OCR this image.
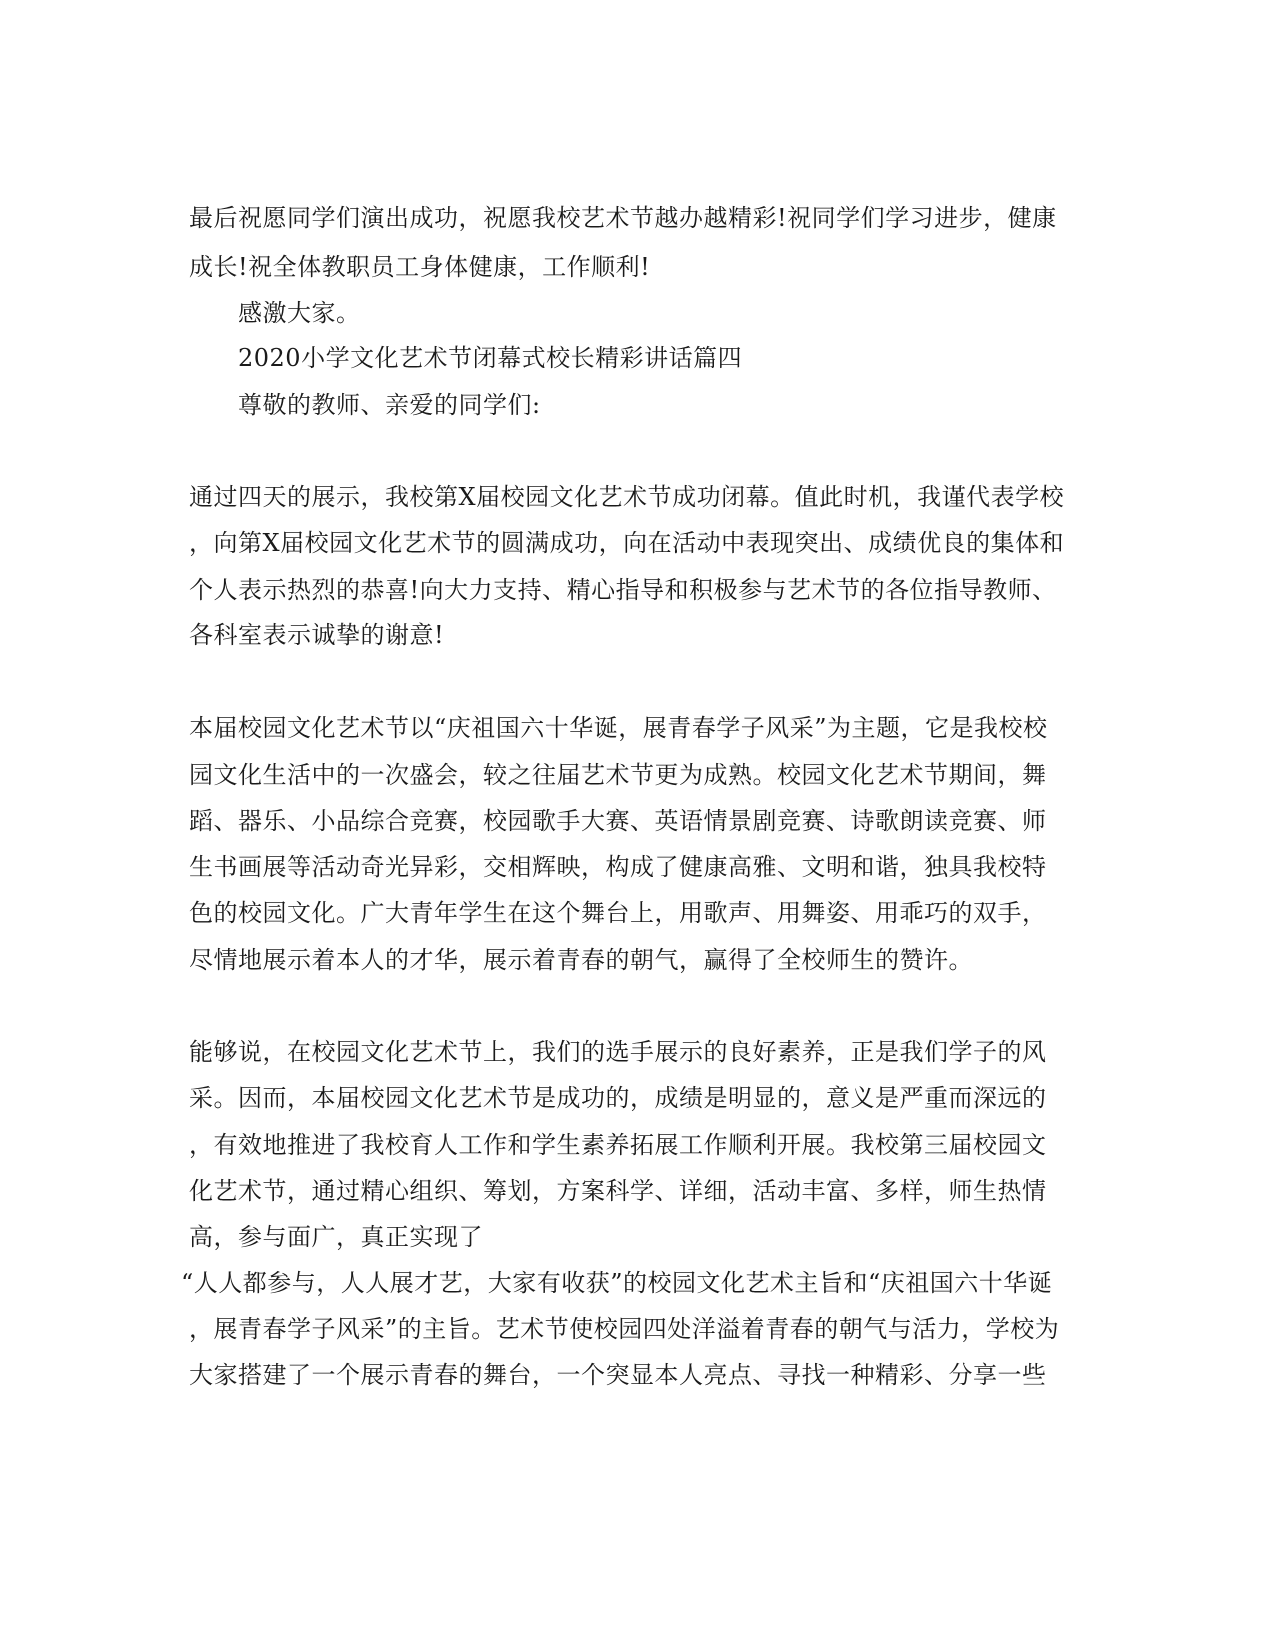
最后祝愿同学们演出成功，祝愿我校艺术节越办越精彩!祝同学们学习进步，健康
成长!祝全体教职员工身体健康，工作顺利!
感激大家。
2020小学文化艺术节闭幕式校长精彩讲话篇四
尊敬的教师、亲爱的同学们:
通过四天的展示，我校第X届校园文化艺术节成功闭幕。值此时机，我谨代表学校
，向第X届校园文化艺术节的圆满成功，向在活动中表现突出、成绩优良的集体和
个人表示热烈的恭喜!向大力支持、精心指导和积极参与艺术节的各位指导教师、
各科室表示诚挚的谢意!
本届校园文化艺术节以“庆祖国六十华诞，展青春学子风采”为主题，它是我校校
园文化生活中的一次盛会，较之往届艺术节更为成熟。校园文化艺术节期间，舞
蹈、器乐、小品综合竞赛，校园歌手大赛、英语情景剧竞赛、诗歌朗读竞赛、师
生书画展等活动奇光异彩，交相辉映，构成了健康高雅、文明和谐，独具我校特
色的校园文化。广大青年学生在这个舞台上，用歌声、用舞姿、用乖巧的双手，
尽情地展示着本人的才华，展示着青春的朝气，赢得了全校师生的赞许。
能够说，在校园文化艺术节上，我们的选手展示的良好素养，正是我们学子的风
采。因而，本届校园文化艺术节是成功的，成绩是明显的，意义是严重而深远的
，有效地推进了我校育人工作和学生素养拓展工作顺利开展。我校第三届校园文
化艺术节，通过精心组织、筹划，方案科学、详细，活动丰富、多样，师生热情
高，参与面广，真正实现了
“人人都参与，人人展才艺，大家有收获”的校园文化艺术主旨和“庆祖国六十华诞
，展青春学子风采”的主旨。艺术节使校园四处洋溢着青春的朝气与活力，学校为
大家搭建了一个展示青春的舞台，一个突显本人亮点、寻找一种精彩、分享一些
